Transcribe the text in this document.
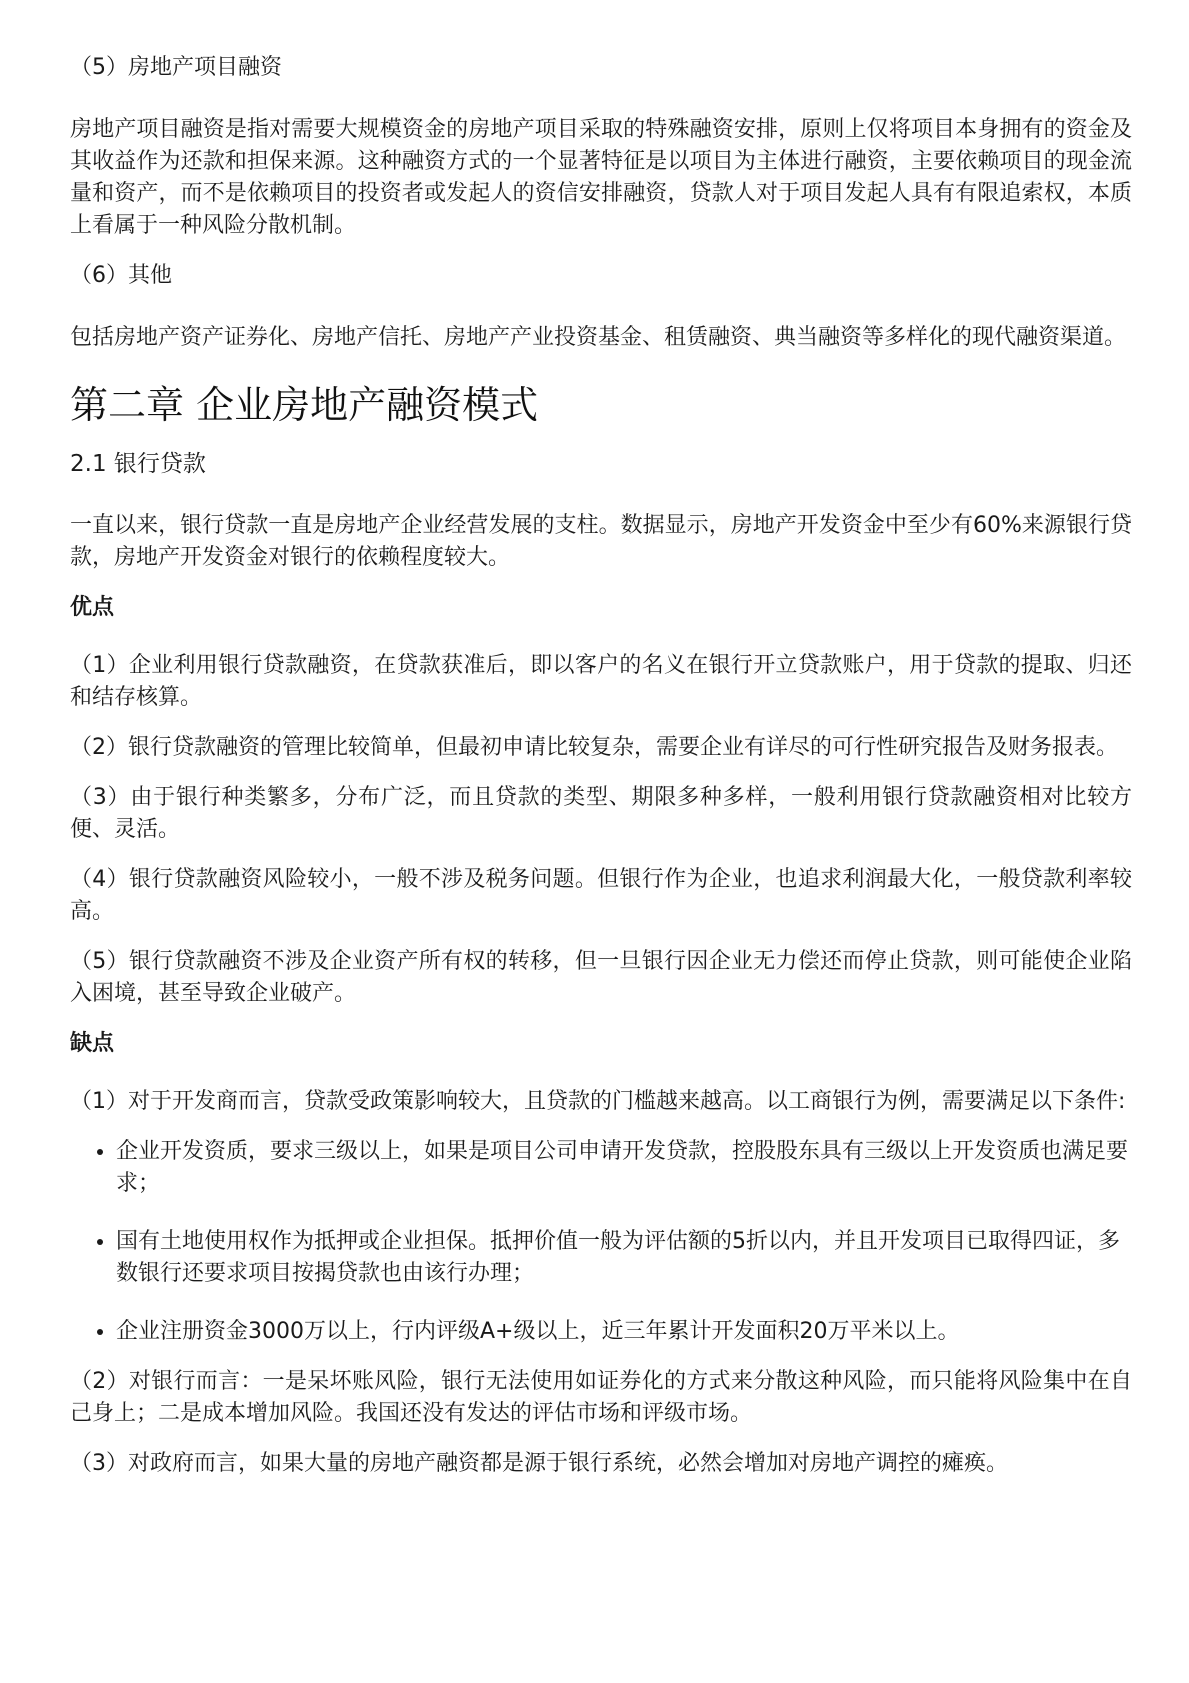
（5）房地产项目融资
房地产项目融资是指对需要大规模资金的房地产项目采取的特殊融资安排，原则上仅将项目本身拥有的资金及其收益作为还款和担保来源。这种融资方式的一个显著特征是以项目为主体进行融资，主要依赖项目的现金流量和资产，而不是依赖项目的投资者或发起人的资信安排融资，贷款人对于项目发起人具有有限追索权，本质上看属于一种风险分散机制。
（6）其他
包括房地产资产证券化、房地产信托、房地产产业投资基金、租赁融资、典当融资等多样化的现代融资渠道。
第二章 企业房地产融资模式
2.1 银行贷款
一直以来，银行贷款一直是房地产企业经营发展的支柱。数据显示，房地产开发资金中至少有60%来源银行贷款，房地产开发资金对银行的依赖程度较大。
优点
（1）企业利用银行贷款融资，在贷款获准后，即以客户的名义在银行开立贷款账户，用于贷款的提取、归还和结存核算。
（2）银行贷款融资的管理比较简单，但最初申请比较复杂，需要企业有详尽的可行性研究报告及财务报表。
（3）由于银行种类繁多，分布广泛，而且贷款的类型、期限多种多样，一般利用银行贷款融资相对比较方便、灵活。
（4）银行贷款融资风险较小，一般不涉及税务问题。但银行作为企业，也追求利润最大化，一般贷款利率较高。
（5）银行贷款融资不涉及企业资产所有权的转移，但一旦银行因企业无力偿还而停止贷款，则可能使企业陷入困境，甚至导致企业破产。
缺点
（1）对于开发商而言，贷款受政策影响较大，且贷款的门槛越来越高。以工商银行为例，需要满足以下条件:
• 企业开发资质，要求三级以上，如果是项目公司申请开发贷款，控股股东具有三级以上开发资质也满足要求；
• 国有土地使用权作为抵押或企业担保。抵押价值一般为评估额的5折以内，并且开发项目已取得四证，多数银行还要求项目按揭贷款也由该行办理；
• 企业注册资金3000万以上，行内评级A+级以上，近三年累计开发面积20万平米以上。
（2）对银行而言：一是呆坏账风险，银行无法使用如证券化的方式来分散这种风险，而只能将风险集中在自己身上；二是成本增加风险。我国还没有发达的评估市场和评级市场。
（3）对政府而言，如果大量的房地产融资都是源于银行系统，必然会增加对房地产调控的瘫痪。
